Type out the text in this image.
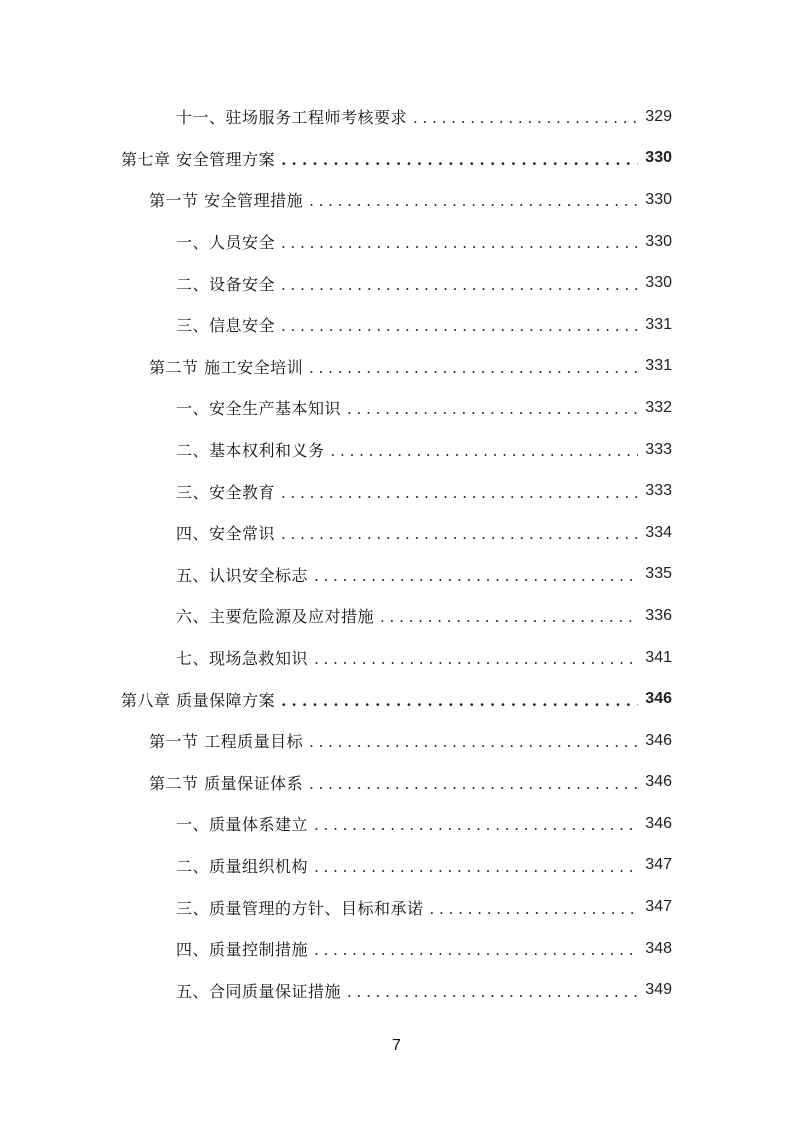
十一、驻场服务工程师考核要求 . . .	329
第七章 安全管理方案 . . .	330
第一节 安全管理措施 . . .	330
一、人员安全 . . .	330
二、设备安全 . . .	330
三、信息安全 . . .	331
第二节 施工安全培训 . . .	331
一、安全生产基本知识 . . .	332
二、基本权利和义务 . . .	333
三、安全教育 . . .	333
四、安全常识 . . .	334
五、认识安全标志 . . .	335
六、主要危险源及应对措施 . . .	336
七、现场急救知识 . . .	341
第八章 质量保障方案 . . .	346
第一节 工程质量目标 . . .	346
第二节 质量保证体系 . . .	346
一、质量体系建立 . . .	346
二、质量组织机构 . . .	347
三、质量管理的方针、目标和承诺 . . .	347
四、质量控制措施 . . .	348
五、合同质量保证措施 . . .	349
7
